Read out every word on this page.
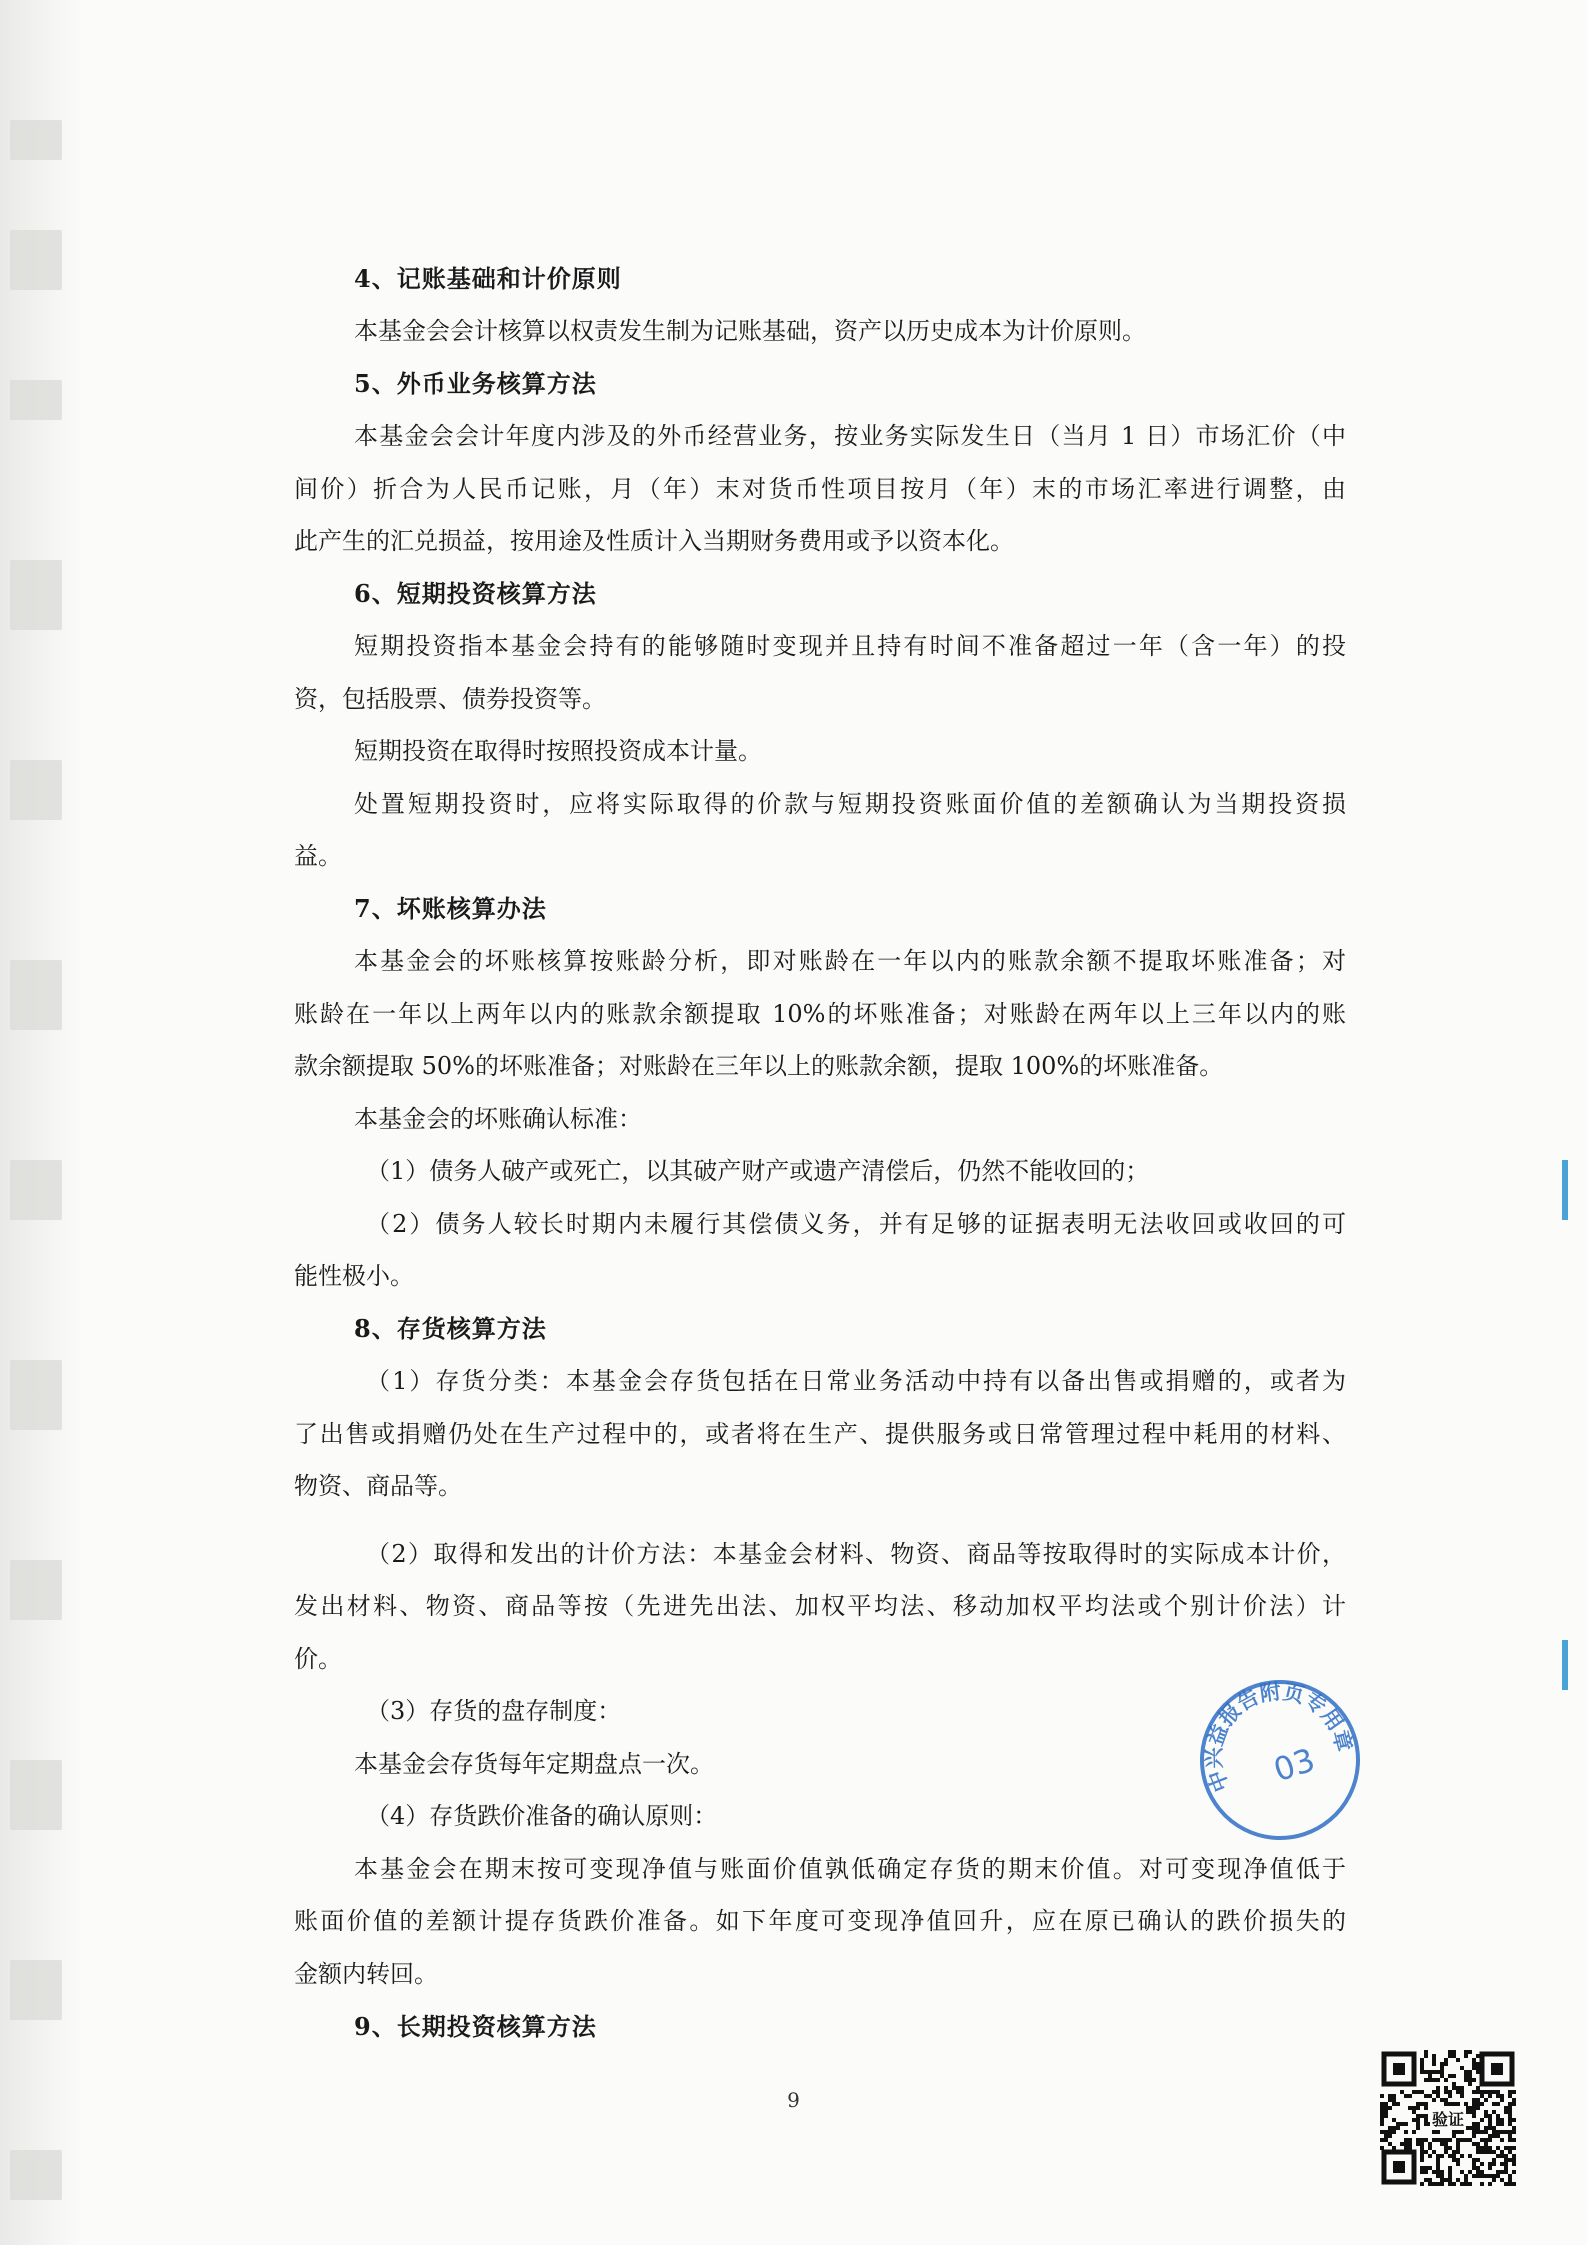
4、记账基础和计价原则
本基金会会计核算以权责发生制为记账基础，资产以历史成本为计价原则。
5、外币业务核算方法
本基金会会计年度内涉及的外币经营业务，按业务实际发生日（当月 1 日）市场汇价（中
间价）折合为人民币记账，月（年）末对货币性项目按月（年）末的市场汇率进行调整，由
此产生的汇兑损益，按用途及性质计入当期财务费用或予以资本化。
6、短期投资核算方法
短期投资指本基金会持有的能够随时变现并且持有时间不准备超过一年（含一年）的投
资，包括股票、债券投资等。
短期投资在取得时按照投资成本计量。
处置短期投资时，应将实际取得的价款与短期投资账面价值的差额确认为当期投资损
益。
7、坏账核算办法
本基金会的坏账核算按账龄分析，即对账龄在一年以内的账款余额不提取坏账准备；对
账龄在一年以上两年以内的账款余额提取 10%的坏账准备；对账龄在两年以上三年以内的账
款余额提取 50%的坏账准备；对账龄在三年以上的账款余额，提取 100%的坏账准备。
本基金会的坏账确认标准：
（1）债务人破产或死亡，以其破产财产或遗产清偿后，仍然不能收回的；
（2）债务人较长时期内未履行其偿债义务，并有足够的证据表明无法收回或收回的可
能性极小。
8、存货核算方法
（1）存货分类：本基金会存货包括在日常业务活动中持有以备出售或捐赠的，或者为
了出售或捐赠仍处在生产过程中的，或者将在生产、提供服务或日常管理过程中耗用的材料、
物资、商品等。
（2）取得和发出的计价方法：本基金会材料、物资、商品等按取得时的实际成本计价，
发出材料、物资、商品等按（先进先出法、加权平均法、移动加权平均法或个别计价法）计
价。
（3）存货的盘存制度：
本基金会存货每年定期盘点一次。
（4）存货跌价准备的确认原则：
本基金会在期末按可变现净值与账面价值孰低确定存货的期末价值。对可变现净值低于
账面价值的差额计提存货跌价准备。如下年度可变现净值回升，应在原已确认的跌价损失的
金额内转回。
9、长期投资核算方法
9
中兴益报告附页专用章
03
验证
